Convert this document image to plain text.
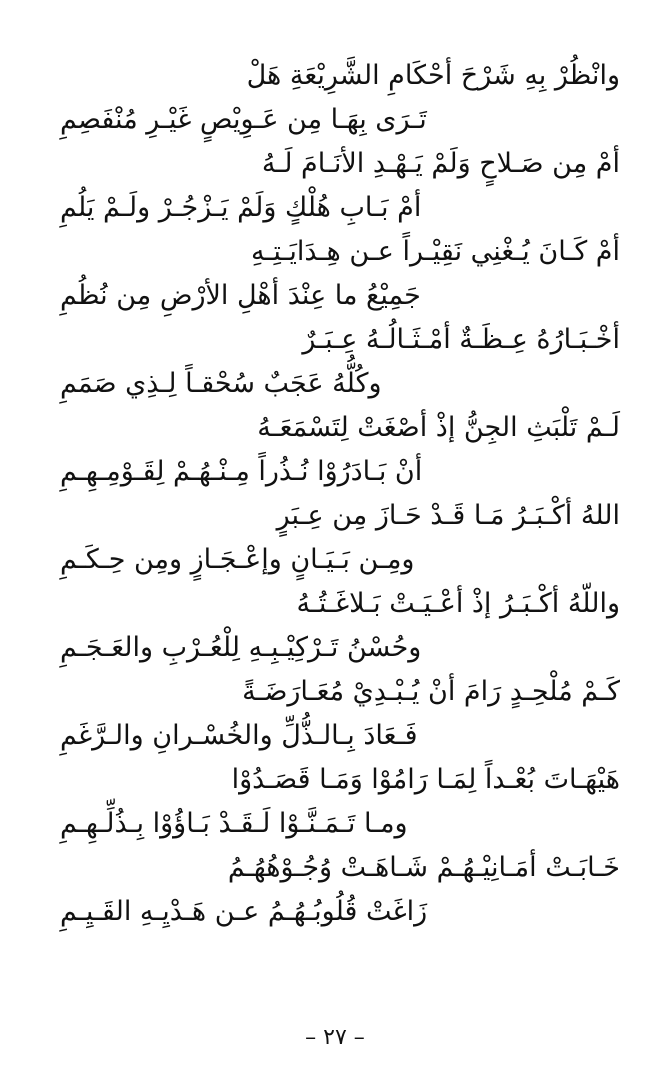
وانْظُرْ بِهِ شَرْحَ أحْكَامِ الشَّرِيْعَةِ هَلْ
تَـرَى بِهَـا مِن عَـوِيْصٍ غَيْـرِ مُنْفَصِمِ
أمْ مِن صَـلاحٍ وَلَمْ يَـهْـدِ الأنَـامَ لَـهُ
أمْ بَـابِ هُلْكٍ وَلَمْ يَـزْجُـرْ ولَـمْ يَلُمِ
أمْ كَـانَ يُـغْنِي نَقِيْـراً عـن هِـدَايَـتِـهِ
جَمِيْعُ ما عِنْدَ أهْلِ الأرْضِ مِن نُظُمِ
أخْـبَـارُهُ عِـظَـةٌ أمْـثَـالُـهُ عِـبَـرٌ
وكُلُّهُ عَجَبٌ سُحْقـاً لِـذِي صَمَمِ
لَـمْ تَلْبَثِ الجِنُّ إذْ أصْغَتْ لِتَسْمَعَـهُ
أنْ بَـادَرُوْا نُـذُراً مِـنْـهُـمْ لِقَـوْمِـهِـمِ
اللهُ أكْـبَـرُ مَـا قَـدْ حَـازَ مِن عِـبَرٍ
ومِـن بَـيَـانٍ وإعْـجَـازٍ ومِن حِـكَـمِ
واللّهُ أكْـبَـرُ إذْ أعْـيَـتْ بَـلاغَـتُـهُ
وحُسْنُ تَـرْكِيْـبِـهِ لِلْعُـرْبِ والعَـجَـمِ
كَـمْ مُلْحِـدٍ رَامَ أنْ يُـبْـدِيْ مُعَـارَضَـةً
فَـعَادَ بِـالـذُّلِّ والخُسْـرانِ والـرَّغَمِ
هَيْهَـاتَ بُعْـداً لِمَـا رَامُوْا وَمَـا قَصَـدُوْا
ومـا تَـمَـنَّـوْا لَـقَـدْ بَـاؤُوْا بِـذُلِّـهِـمِ
خَـابَـتْ أمَـانِيْـهُـمْ شَـاهَـتْ وُجُـوْهُهُـمُ
زَاغَتْ قُلُوبُـهُـمُ عـن هَـدْيِـهِ القَـيِـمِ
– ٢٧ –
